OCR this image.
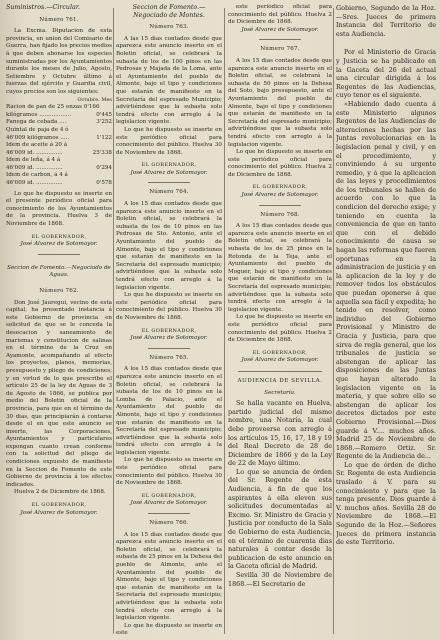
Suministros.—Circular.
Número 761.

La Excma. Diputacion de esta provincia, en union del Comisario de Guerra, han fijado los precios medios á que deben abonarse los especies suministradas por los Ayuntamientos durante los meses de Julio, Agosto, Setiembre y Octubre último á fuerzas del ejército y Guardia civil, cuyos precios son los siguientes:

Octubre. Mes
Racion de pan de 25 onzas 0'166
kilógramos ..................	0'445
Fanega de cebada ....	3'252
Quintal de paja de 4 ó
46'009 kilógramos .....	1'122
Idem de aceite á 20 á
46'009 id. ...............	25'338
Idem de leña, á 4 á
46'009 id. ...............	0'294
Idem de carbon, á 4 á
46'009 id. ...............	0'578

Lo que he dispuesto se inserte en el presente periódico oficial para conocimiento de los Ayuntamientos de la provincia. Huelva 3 de Noviembre de 1868.

EL GOBERNADOR,
José Alvarez de Sotomayor.
Seccion de Fomento.—Negociado de Aguas.
Número 762.

Don José Jáuregui, vecino de esta capital, ha presentado instancia á este Gobierno de provincia en solicitud de que se le conceda la desecacion y saneamiento de marismas y constitucion de salinas en el término de la Cruz en Ayamonte, acompañando al efecto los proyectos, planos, memorias, presupuesto y pliego de condiciones; y en virtud de lo que prescribe el artículo 25 de la ley de Aguas de 3 de Agosto de 1866, se publica por medio del Boletin oficial de la provincia, para que en el término de 30 dias, que principiarán á contarse desde el en que este anuncio se inserte, las Corporaciones, Ayuntamientos y particulares expongan cuanto crean conforme con la solicitud del pliego de condiciones expuesto de manifiesto en la Seccion de Fomento de este Gobierno de provincia á los efectos indicados.

Huelva 2 de Diciembre de 1868.

EL GOBERNADOR,
José Alvarez de Sotomayor.
Seccion de Fomento.—Negociado de Montes.
Número 763.

A las 15 dias contados desde que aparezca este anuncio inserto en el Boletin oficial, se celebrará la subasta de los de 100 pinos en las Pedrosas y Majada de la Loma, ante el Ayuntamiento del pueblo de Almonte, bajo el tipo y condiciones que estarán de manifiesto en la Secretaría del espresado Municipio; advirtiéndose que la subasta solo tendrá efecto con arreglo á la legislacion vigente.

Lo que he dispuesto se inserte en este periódico oficial para conocimiento del público. Huelva 30 de Noviembre de 1868.

EL GOBERNADOR,
José Alvarez de Sotomayor.
Número 764.

A los 15 dias contados desde que aparezca este anuncio inserto en el Boletin oficial, se celebrará la subasta de los de 10 pinos en las Pedrosas de Sto. Antonio, ante el Ayuntamiento del pueblo de Almonte, bajo el tipo y condiciones que estarán de manifiesto en la Secretaría del espresado municipio; advirtiéndose que la subasta solo tendrá efecto con arreglo á la legislacion vigente.

Lo que he dispuesto se inserte en este periódico oficial para conocimiento del público. Huelva 30 de Noviembre de 1868.

EL GOBERNADOR,
José Alvarez de Sotomayor.
Número 765.

A los 15 dias contados desde que aparezca este anuncio inserto en el Boletin oficial, se celebrará la subasta de los de 10 pinos en la Lomba de Palacio, ante el Ayuntamiento del pueblo de Almonte, bajo el tipo y condiciones que estarán de manifiesto en la Secretaría del espresado municipio; advirtiéndose que la subasta solo tendrá efecto con arreglo á la legislacion vigente.

Lo que he dispuesto se inserte en este periódico oficial para conocimiento del público. Huelva 30 de Noviembre de 1868.

EL GOBERNADOR,
José Alvarez de Sotomayor.
Número 766.

A los 15 dias contados desde que aparezca este anuncio inserto en el Boletin oficial, se celebrará la subasta de 25 pinos en la Dehesa del pueblo de Almonte, ante el Ayuntamiento del pueblo de Almonte, bajo el tipo y condiciones que estarán de manifiesto en la Secretaría del espresado municipio; advirtiéndose que la subasta solo tendrá efecto con arreglo á la legislacion vigente.

Lo que he dispuesto se inserte en este

este periódico oficial para conocimiento del público. Huelva 2 de Diciembre de 1868.

José Alvarez de Sotomayor.
Número 767.

A los 15 dias contados desde que aparezca este anuncio inserto en el Boletin oficial, se celebrará la subasta de 50 pinos en la Dehesa del Soto, bajo presupuesto, ante el Ayuntamiento del pueblo de Almonte, bajo el tipo y condiciones que estarán de manifiesto en la Secretaría del espresado municipio; advirtiéndose que la subasta solo tendrá efecto con arreglo á la legislacion vigente.

Lo que he dispuesto se inserte en este periódico oficial para conocimiento del público. Huelva 2 de Diciembre de 1868.

EL GOBERNADOR,
José Alvarez de Sotomayor.
Número 768.

A los 15 dias contados desde que aparezca este anuncio inserto en el Boletin oficial, se celebrará la subasta de los de 25 pinos en la Rotonda de la Teja, ante el Ayuntamiento del pueblo de Moguer, bajo el tipo y condiciones que estarán de manifiesto en la Secretaría del espresado municipio; advirtiéndose que la subasta solo tendrá efecto con arreglo á la legislacion vigente.

Lo que he dispuesto se inserte en este periódico oficial para conocimiento del público. Huelva 2 de Diciembre de 1868.

EL GOBERNADOR,
José Alvarez de Sotomayor.
AUDIENCIA DE SEVILLA.
Secretaría.

Se halla vacante en Huelva, partido judicial del mismo nombre, una Notaría, la cual debe proveerse con arreglo á los artículos 15, 16, 17, 18 y 19 del Real Decreto de 28 de Diciembre de 1866 y de la Ley de 22 de Mayo último.

Lo que se anuncia de órden del Sr. Regente de esta Audiencia, á fin de que los aspirantes á ella eleven sus solicitudes documentadas al Excmo. Sr. Ministro de Gracia y Justicia por conducto de la Sala de Gobierno de esta Audiencia, en el término de cuarenta dias naturales á contar desde la publicacion de este anuncio en la Gaceta oficial de Madrid.

Sevilla 30 de Noviembre de 1868.—El Secretario de

Gobierno, Segundo de la Hoz. —Sres. Jueces de primera Instancia del Territorio de esta Audiencia.

Por el Ministerio de Gracia y Justicia se ha publicado en la Gaceta del 26 del actual una circular dirigida á los Regentes de las Audiencias, cuyo tenor es el siguiente.

«Habiendo dado cuenta á este Ministerio algunos Regentes de las Audiencias de alteraciones hechas por las Juntas revolucionarias en la legislacion penal y civil, y en el procedimiento, y conviniendo á su urgente remedio, y á que la aplicacion de las leyes y procedimientos de los tribunales se hallen de acuerdo con lo que la condicion del derecho exige; y teniendo en cuenta la conveniencia de que en tanto que con el debido conocimiento de causa se hagan las reformas que fueren oportunas en la administracion de justicia y en la aplicacion de la ley y de remover todos los obstáculos que puedan oponerse á que aquella sea fácil y expedita; he tenido en resolver, como individuo del Gobierno Provisional y Ministro de Gracia y Justicia, para que sirva de regla general, que los tribunales de justicia se abstengan de aplicar las disposiciones de las Juntas que hayan alterado la legislacion vigente en la materia, y que sobre ello se abstengan de aplicar los decretos dictados por este Gobierno Provisional.—Dios guarde á V.... muchos años. Madrid 25 de Noviembre de 1868.—Romero Ortiz. Sr. Regente de la Audiencia de...

Lo que de órden de dicho Sr. Regente de esta Audiencia traslado á V. para su conocimiento y para que la tenga presente. Dios guarde á V. muchos años. Sevilla 28 de Noviembre de 1868.—El Segundo de la Hoz.—Señores Jueces de primera instancia de este Territorio.
